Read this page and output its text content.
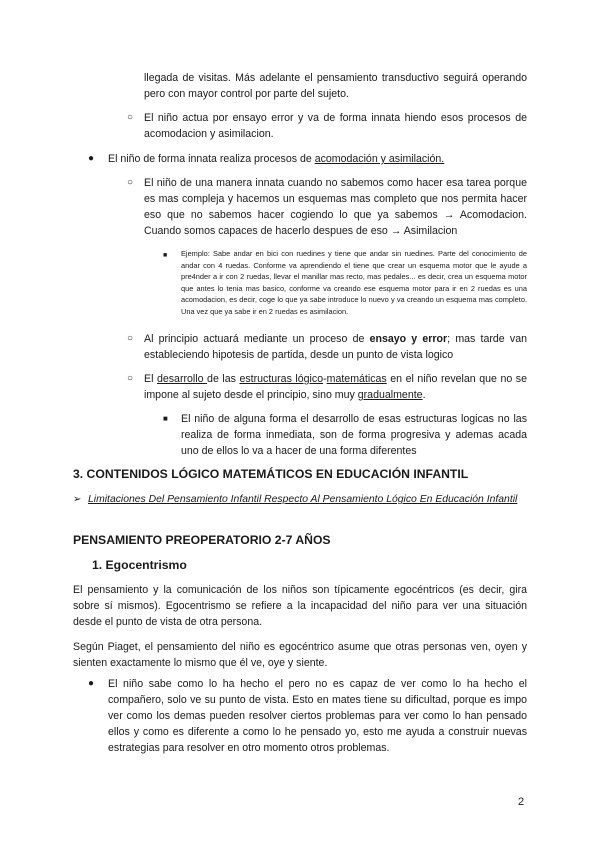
llegada de visitas. Más adelante el pensamiento transductivo seguirá operando pero con mayor control por parte del sujeto.

○ El niño actua por ensayo error y va de forma innata hiendo esos procesos de acomodacion y asimilacion.

● El niño de forma innata realiza procesos de acomodación y asimilación.

○ El niño de una manera innata cuando no sabemos como hacer esa tarea porque es mas compleja y hacemos un esquemas mas completo que nos permita hacer eso que no sabemos hacer cogiendo lo que ya sabemos → Acomodacion. Cuando somos capaces de hacerlo despues de eso → Asimilacion

■ Ejemplo: Sabe andar en bici con ruedines y tiene que andar sin ruedines. Parte del conocimiento de andar con 4 ruedas. Conforme va aprendiendo el tiene que crear un esquema motor que le ayude a pre4nder a ir con 2 ruedas, llevar el manillar mas recto, mas pedales... es decir, crea un esquema motor que antes lo tenia mas basico, conforme va creando ese esquema motor para ir en 2 ruedas es una acomodacion, es decir, coge lo que ya sabe introduce lo nuevo y va creando un esquema mas completo. Una vez que ya sabe ir en 2 ruedas es asimilacion.

○ Al principio actuará mediante un proceso de ensayo y error; mas tarde van estableciendo hipotesis de partida, desde un punto de vista logico

○ El desarrollo de las estructuras lógico-matemáticas en el niño revelan que no se impone al sujeto desde el principio, sino muy gradualmente.

■ El niño de alguna forma el desarrollo de esas estructuras logicas no las realiza de forma inmediata, son de forma progresiva y ademas acada uno de ellos lo va a hacer de una forma diferentes

3. CONTENIDOS LÓGICO MATEMÁTICOS EN EDUCACIÓN INFANTIL
➢ Limitaciones Del Pensamiento Infantil Respecto Al Pensamiento Lógico En Educación Infantil

PENSAMIENTO PREOPERATORIO 2-7 AÑOS
1. Egocentrismo

El pensamiento y la comunicación de los niños son típicamente egocéntricos (es decir, gira sobre sí mismos). Egocentrismo se refiere a la incapacidad del niño para ver una situación desde el punto de vista de otra persona.

Según Piaget, el pensamiento del niño es egocéntrico asume que otras personas ven, oyen y sienten exactamente lo mismo que él ve, oye y siente.

● El niño sabe como lo ha hecho el pero no es capaz de ver como lo ha hecho el compañero, solo ve su punto de vista. Esto en mates tiene su dificultad, porque es impo ver como los demas pueden resolver ciertos problemas para ver como lo han pensado ellos y como es diferente a como lo he pensado yo, esto me ayuda a construir nuevas estrategias para resolver en otro momento otros problemas.

2
